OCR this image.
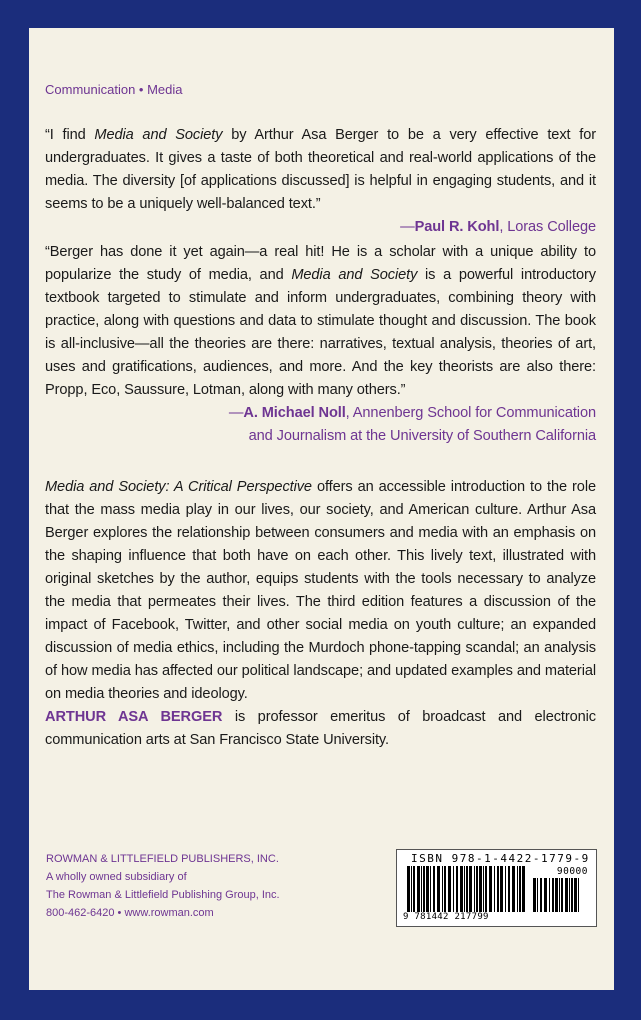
Communication • Media
“I find Media and Society by Arthur Asa Berger to be a very effective text for undergraduates. It gives a taste of both theoretical and real-world applications of the media. The diversity [of applications discussed] is helpful in engaging students, and it seems to be a uniquely well-balanced text.”
—Paul R. Kohl, Loras College
“Berger has done it yet again—a real hit! He is a scholar with a unique ability to popularize the study of media, and Media and Society is a powerful introductory textbook targeted to stimulate and inform undergraduates, combining theory with practice, along with questions and data to stimulate thought and discussion. The book is all-inclusive—all the theories are there: narratives, textual analysis, theories of art, uses and gratifications, audiences, and more. And the key theorists are also there: Propp, Eco, Saussure, Lotman, along with many others.”
—A. Michael Noll, Annenberg School for Communication
and Journalism at the University of Southern California
Media and Society: A Critical Perspective offers an accessible introduction to the role that the mass media play in our lives, our society, and American culture. Arthur Asa Berger explores the relationship between consumers and media with an emphasis on the shaping influence that both have on each other. This lively text, illustrated with original sketches by the author, equips students with the tools necessary to analyze the media that permeates their lives. The third edition features a discussion of the impact of Facebook, Twitter, and other social media on youth culture; an expanded discussion of media ethics, including the Murdoch phone-tapping scandal; an analysis of how media has affected our political landscape; and updated examples and material on media theories and ideology.
ARTHUR ASA BERGER is professor emeritus of broadcast and electronic communication arts at San Francisco State University.
ROWMAN & LITTLEFIELD PUBLISHERS, INC.
A wholly owned subsidiary of
The Rowman & Littlefield Publishing Group, Inc.
800-462-6420 • www.rowman.com
ISBN 978-1-4422-1779-9
90000
9 781442 217799
